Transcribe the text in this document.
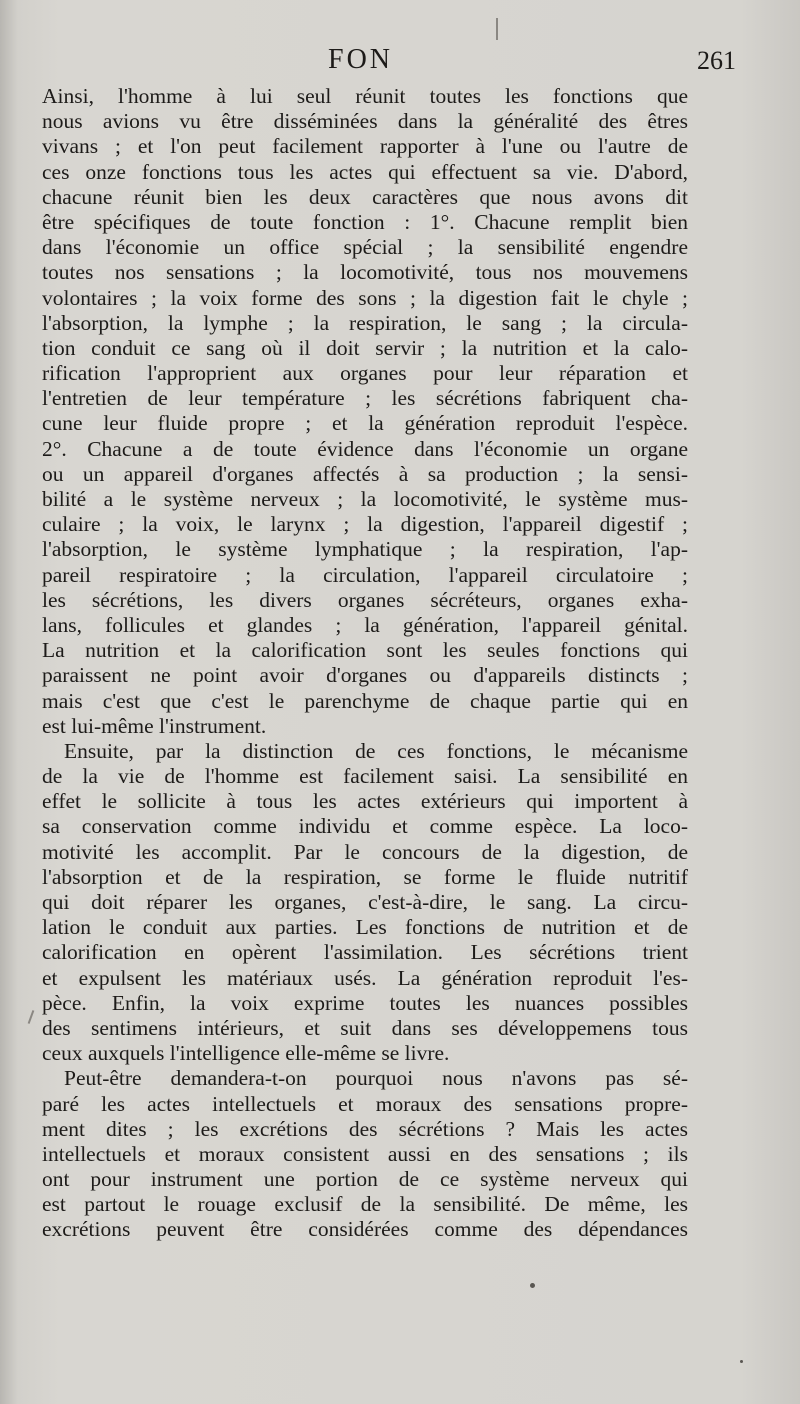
FON	261
Ainsi, l'homme à lui seul réunit toutes les fonctions que
nous avions vu être disséminées dans la généralité des êtres
vivans ; et l'on peut facilement rapporter à l'une ou l'autre de
ces onze fonctions tous les actes qui effectuent sa vie. D'abord,
chacune réunit bien les deux caractères que nous avons dit
être spécifiques de toute fonction : 1°. Chacune remplit bien
dans l'économie un office spécial ; la sensibilité engendre
toutes nos sensations ; la locomotivité, tous nos mouvemens
volontaires ; la voix forme des sons ; la digestion fait le chyle ;
l'absorption, la lymphe ; la respiration, le sang ; la circula-
tion conduit ce sang où il doit servir ; la nutrition et la calo-
rification l'approprient aux organes pour leur réparation et
l'entretien de leur température ; les sécrétions fabriquent cha-
cune leur fluide propre ; et la génération reproduit l'espèce.
2°. Chacune a de toute évidence dans l'économie un organe
ou un appareil d'organes affectés à sa production ; la sensi-
bilité a le système nerveux ; la locomotivité, le système mus-
culaire ; la voix, le larynx ; la digestion, l'appareil digestif ;
l'absorption, le système lymphatique ; la respiration, l'ap-
pareil respiratoire ; la circulation, l'appareil circulatoire ;
les sécrétions, les divers organes sécréteurs, organes exha-
lans, follicules et glandes ; la génération, l'appareil génital.
La nutrition et la calorification sont les seules fonctions qui
paraissent ne point avoir d'organes ou d'appareils distincts ;
mais c'est que c'est le parenchyme de chaque partie qui en
est lui-même l'instrument.
Ensuite, par la distinction de ces fonctions, le mécanisme
de la vie de l'homme est facilement saisi. La sensibilité en
effet le sollicite à tous les actes extérieurs qui importent à
sa conservation comme individu et comme espèce. La loco-
motivité les accomplit. Par le concours de la digestion, de
l'absorption et de la respiration, se forme le fluide nutritif
qui doit réparer les organes, c'est-à-dire, le sang. La circu-
lation le conduit aux parties. Les fonctions de nutrition et de
calorification en opèrent l'assimilation. Les sécrétions trient
et expulsent les matériaux usés. La génération reproduit l'es-
pèce. Enfin, la voix exprime toutes les nuances possibles
des sentimens intérieurs, et suit dans ses développemens tous
ceux auxquels l'intelligence elle-même se livre.
Peut-être demandera-t-on pourquoi nous n'avons pas sé-
paré les actes intellectuels et moraux des sensations propre-
ment dites ; les excrétions des sécrétions ? Mais les actes
intellectuels et moraux consistent aussi en des sensations ; ils
ont pour instrument une portion de ce système nerveux qui
est partout le rouage exclusif de la sensibilité. De même, les
excrétions peuvent être considérées comme des dépendances
